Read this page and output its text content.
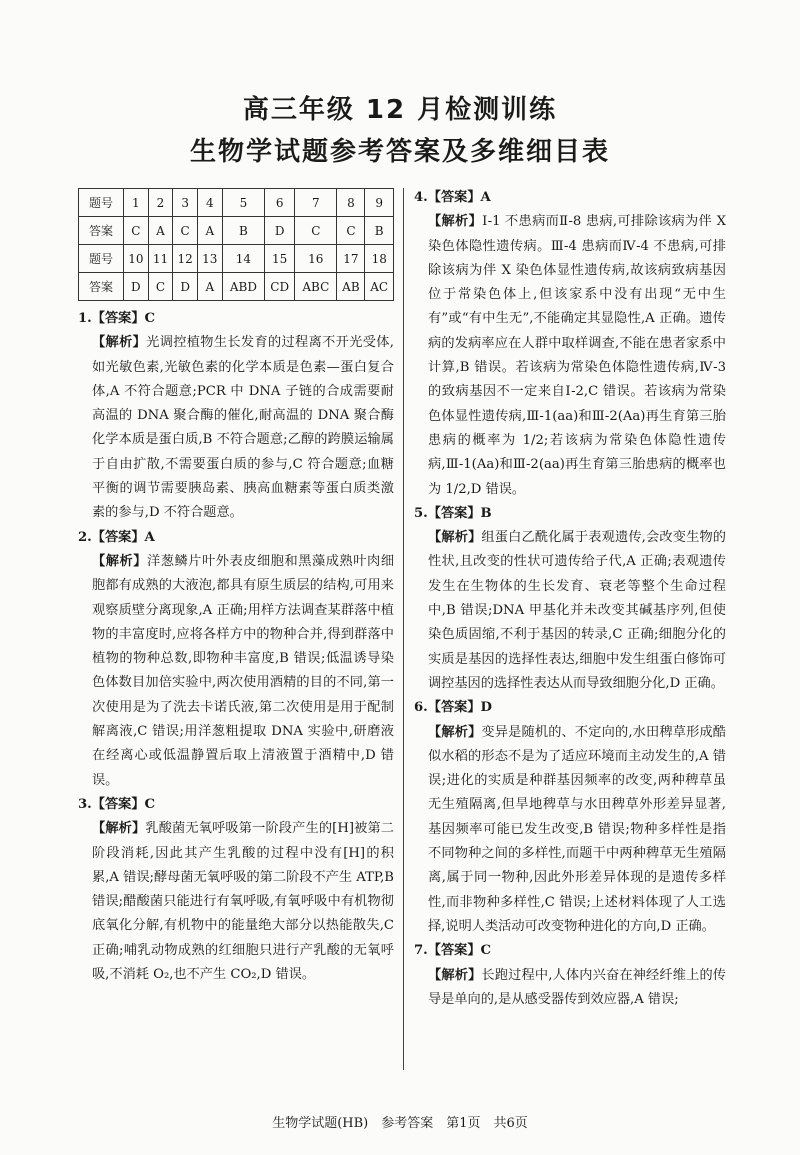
高三年级 12 月检测训练
生物学试题参考答案及多维细目表
题号	1	2	3	4	5	6	7	8	9
答案	C	A	C	A	B	D	C	C	B
题号	10	11	12	13	14	15	16	17	18
答案	D	C	D	A	ABD	CD	ABC	AB	AC
1.【答案】C
【解析】光调控植物生长发育的过程离不开光受体,如光敏色素,光敏色素的化学本质是色素—蛋白复合体,A 不符合题意;PCR 中 DNA 子链的合成需要耐高温的 DNA 聚合酶的催化,耐高温的 DNA 聚合酶化学本质是蛋白质,B 不符合题意;乙醇的跨膜运输属于自由扩散,不需要蛋白质的参与,C 符合题意;血糖平衡的调节需要胰岛素、胰高血糖素等蛋白质类激素的参与,D 不符合题意。
2.【答案】A
【解析】洋葱鳞片叶外表皮细胞和黑藻成熟叶肉细胞都有成熟的大液泡,都具有原生质层的结构,可用来观察质壁分离现象,A 正确;用样方法调查某群落中植物的丰富度时,应将各样方中的物种合并,得到群落中植物的物种总数,即物种丰富度,B 错误;低温诱导染色体数目加倍实验中,两次使用酒精的目的不同,第一次使用是为了洗去卡诺氏液,第二次使用是用于配制解离液,C 错误;用洋葱粗提取 DNA 实验中,研磨液在经离心或低温静置后取上清液置于酒精中,D 错误。
3.【答案】C
【解析】乳酸菌无氧呼吸第一阶段产生的[H]被第二阶段消耗,因此其产生乳酸的过程中没有[H]的积累,A 错误;酵母菌无氧呼吸的第二阶段不产生 ATP,B 错误;醋酸菌只能进行有氧呼吸,有氧呼吸中有机物彻底氧化分解,有机物中的能量绝大部分以热能散失,C 正确;哺乳动物成熟的红细胞只进行产乳酸的无氧呼吸,不消耗 O₂,也不产生 CO₂,D 错误。
4.【答案】A
【解析】Ⅰ-1 不患病而Ⅱ-8 患病,可排除该病为伴 X 染色体隐性遗传病。Ⅲ-4 患病而Ⅳ-4 不患病,可排除该病为伴 X 染色体显性遗传病,故该病致病基因位于常染色体上,但该家系中没有出现“无中生有”或“有中生无”,不能确定其显隐性,A 正确。遗传病的发病率应在人群中取样调查,不能在患者家系中计算,B 错误。若该病为常染色体隐性遗传病,Ⅳ-3 的致病基因不一定来自Ⅰ-2,C 错误。若该病为常染色体显性遗传病,Ⅲ-1(aa)和Ⅲ-2(Aa)再生育第三胎患病的概率为 1/2;若该病为常染色体隐性遗传病,Ⅲ-1(Aa)和Ⅲ-2(aa)再生育第三胎患病的概率也为 1/2,D 错误。
5.【答案】B
【解析】组蛋白乙酰化属于表观遗传,会改变生物的性状,且改变的性状可遗传给子代,A 正确;表观遗传发生在生物体的生长发育、衰老等整个生命过程中,B 错误;DNA 甲基化并未改变其碱基序列,但使染色质固缩,不利于基因的转录,C 正确;细胞分化的实质是基因的选择性表达,细胞中发生组蛋白修饰可调控基因的选择性表达从而导致细胞分化,D 正确。
6.【答案】D
【解析】变异是随机的、不定向的,水田稗草形成酷似水稻的形态不是为了适应环境而主动发生的,A 错误;进化的实质是种群基因频率的改变,两种稗草虽无生殖隔离,但旱地稗草与水田稗草外形差异显著,基因频率可能已发生改变,B 错误;物种多样性是指不同物种之间的多样性,而题干中两种稗草无生殖隔离,属于同一物种,因此外形差异体现的是遗传多样性,而非物种多样性,C 错误;上述材料体现了人工选择,说明人类活动可改变物种进化的方向,D 正确。
7.【答案】C
【解析】长跑过程中,人体内兴奋在神经纤维上的传导是单向的,是从感受器传到效应器,A 错误;
生物学试题(HB)　参考答案　第1页　共6页
